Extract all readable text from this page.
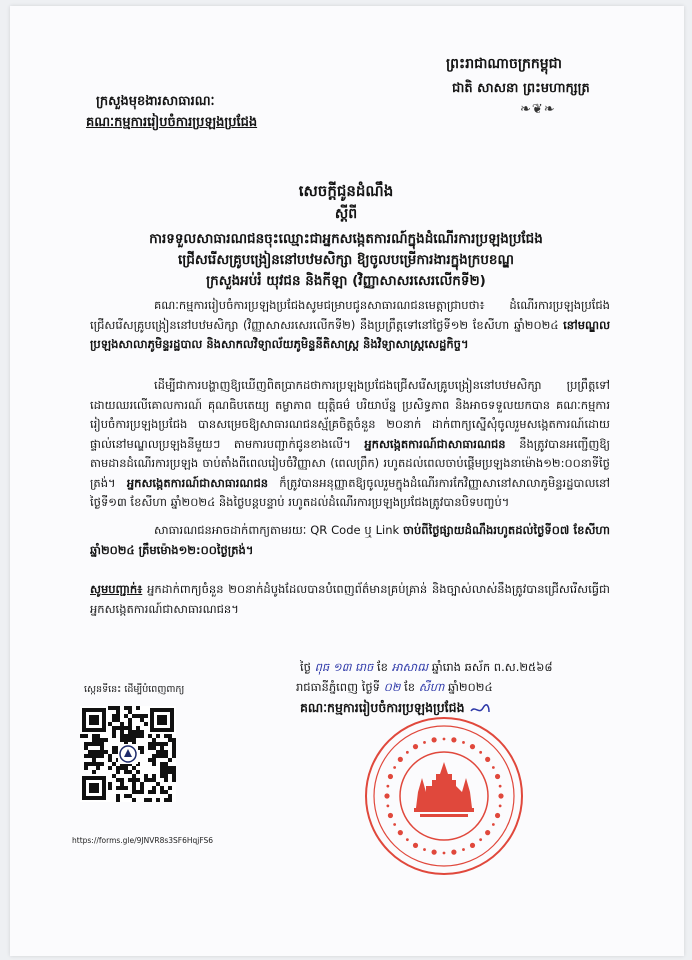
ព្រះរាជាណាចក្រកម្ពុជា
ជាតិ សាសនា ព្រះមហាក្សត្រ
❧❦❧
ក្រសួងមុខងារសាធារណៈ
គណៈកម្មការរៀបចំការប្រឡងប្រជែង
សេចក្តីជូនដំណឹង
ស្តីពី
ការទទួលសាធារណជនចុះឈ្មោះជាអ្នកសង្កេតការណ៍ក្នុងដំណើរការប្រឡងប្រជែង
ជ្រើសរើសគ្រូបង្រៀននៅបឋមសិក្សា ឱ្យចូលបម្រើការងារក្នុងក្របខណ្ឌ
ក្រសួងអប់រំ យុវជន និងកីឡា (វិញ្ញាសាសរសេរលើកទី២)
គណៈកម្មការរៀបចំការប្រឡងប្រជែងសូមជម្រាបជូនសាធារណជនមេត្តាជ្រាបថា៖ ដំណើរការប្រឡងប្រជែងជ្រើសរើសគ្រូបង្រៀននៅបឋមសិក្សា (វិញ្ញាសាសរសេរលើកទី២) នឹងប្រព្រឹត្តទៅនៅថ្ងៃទី១២ ខែសីហា ឆ្នាំ២០២៤ នៅមណ្ឌលប្រឡងសាលាភូមិន្ទរដ្ឋបាល និងសាកលវិទ្យាល័យភូមិន្ទនីតិសាស្ត្រ និងវិទ្យាសាស្ត្រសេដ្ឋកិច្ច។
ដើម្បីជាការបង្ហាញឱ្យឃើញពិតប្រាកដថាការប្រឡងប្រជែងជ្រើសរើសគ្រូបង្រៀននៅបឋមសិក្សា ប្រព្រឹត្តទៅដោយឈរលើគោលការណ៍ គុណធិបតេយ្យ តម្លាភាព យុត្តិធម៌ បរិយាប័ន្ន ប្រសិទ្ធភាព និងអាចទទួលយកបាន គណៈកម្មការរៀបចំការប្រឡងប្រជែង បានសម្រេចឱ្យសាធារណជនស្ម័គ្រចិត្តចំនួន ២០នាក់ ដាក់ពាក្យស្នើសុំចូលរួមសង្កេតការណ៍ដោយផ្ទាល់នៅមណ្ឌលប្រឡងនីមួយៗ តាមការបញ្ជាក់ជូនខាងលើ។ អ្នកសង្កេតការណ៍ជាសាធារណជន នឹងត្រូវបានអញ្ជើញឱ្យតាមដានដំណើរការប្រឡង ចាប់តាំងពីពេលរៀបចំវិញ្ញាសា (ពេលព្រឹក) រហូតដល់ពេលចាប់ផ្តើមប្រឡងនាម៉ោង១២:០០នាទីថ្ងៃត្រង់។ អ្នកសង្កេតការណ៍ជាសាធារណជន ក៏ត្រូវបានអនុញ្ញាតឱ្យចូលរួមក្នុងដំណើរការកែវិញ្ញាសានៅសាលាភូមិន្ទរដ្ឋបាលនៅថ្ងៃទី១៣ ខែសីហា ឆ្នាំ២០២៤ និងថ្ងៃបន្តបន្ទាប់ រហូតដល់ដំណើរការប្រឡងប្រជែងត្រូវបានបិទបញ្ចប់។
សាធារណជនអាចដាក់ពាក្យតាមរយៈ QR Code ឬ Link ចាប់ពីថ្ងៃផ្សាយដំណឹងរហូតដល់ថ្ងៃទី០៧ ខែសីហា ឆ្នាំ២០២៤ ត្រឹមម៉ោង១២:០០ថ្ងៃត្រង់។
សូមបញ្ជាក់៖ អ្នកដាក់ពាក្យចំនួន ២០នាក់ដំបូងដែលបានបំពេញព័ត៌មានគ្រប់គ្រាន់ និងច្បាស់លាស់នឹងត្រូវបានជ្រើសរើសធ្វើជា អ្នកសង្កេតការណ៍ជាសាធារណជន។
ថ្ងៃ ពុធ ១៣ រោច ខែ អាសាឍ ឆ្នាំរោង ឆស័ក ព.ស.២៥៦៨
រាជធានីភ្នំពេញ ថ្ងៃទី ០២ ខែ សីហា ឆ្នាំ២០២៤
គណៈកម្មការរៀបចំការប្រឡងប្រជែង
ស្កេនទីនេះ ដើម្បីបំពេញពាក្យ
https://forms.gle/9JNVR8s3SF6HqjFS6
